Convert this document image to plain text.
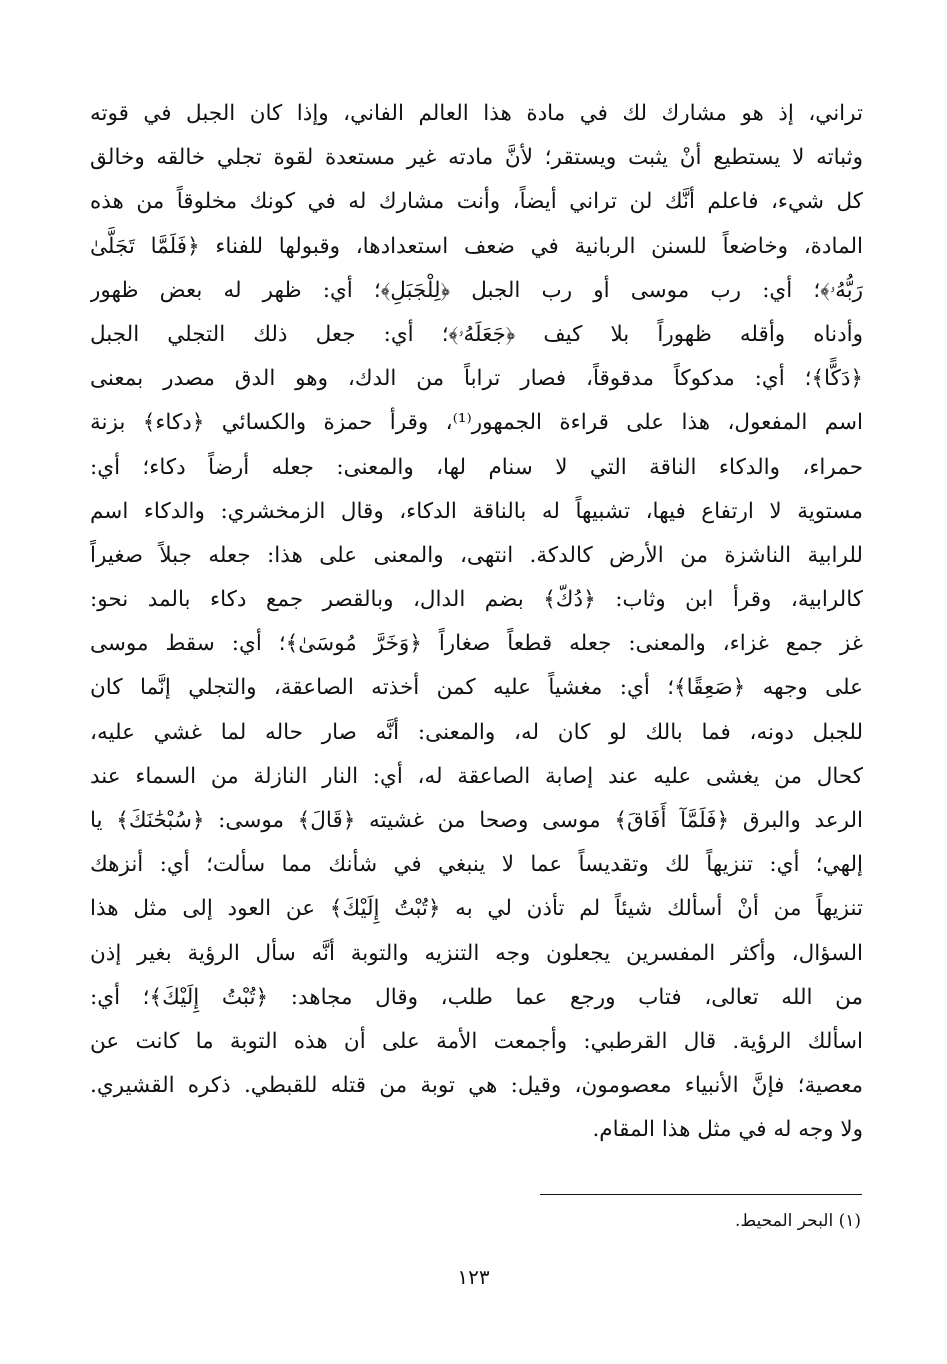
تراني، إذ هو مشارك لك في مادة هذا العالم الفاني، وإذا كان الجبل في قوته
وثباته لا يستطيع أنْ يثبت ويستقر؛ لأنَّ مادته غير مستعدة لقوة تجلي خالقه وخالق
كل شيء، فاعلم أنَّك لن تراني أيضاً، وأنت مشارك له في كونك مخلوقاً من هذه
المادة، وخاضعاً للسنن الربانية في ضعف استعدادها، وقبولها للفناء ﴿فَلَمَّا تَجَلَّىٰ
رَبُّهُۥ﴾؛ أي: رب موسى أو رب الجبل ﴿لِلْجَبَلِ﴾؛ أي: ظهر له بعض ظهور
وأدناه وأقله ظهوراً بلا كيف ﴿جَعَلَهُۥ﴾؛ أي: جعل ذلك التجلي الجبل
﴿دَكًّا﴾؛ أي: مدكوكاً مدقوقاً، فصار تراباً من الدك، وهو الدق مصدر بمعنى
اسم المفعول، هذا على قراءة الجمهور⁽¹⁾، وقرأ حمزة والكسائي ﴿دكاء﴾ بزنة
حمراء، والدكاء الناقة التي لا سنام لها، والمعنى: جعله أرضاً دكاء؛ أي:
مستوية لا ارتفاع فيها، تشبيهاً له بالناقة الدكاء، وقال الزمخشري: والدكاء اسم
للرابية الناشزة من الأرض كالدكة. انتهى، والمعنى على هذا: جعله جبلاً صغيراً
كالرابية، وقرأ ابن وثاب: ﴿دُكّ﴾ بضم الدال، وبالقصر جمع دكاء بالمد نحو:
غز جمع غزاء، والمعنى: جعله قطعاً صغاراً ﴿وَخَرَّ مُوسَىٰ﴾؛ أي: سقط موسى
على وجهه ﴿صَعِقًا﴾؛ أي: مغشياً عليه كمن أخذته الصاعقة، والتجلي إنَّما كان
للجبل دونه، فما بالك لو كان له، والمعنى: أنَّه صار حاله لما غشي عليه،
كحال من يغشى عليه عند إصابة الصاعقة له، أي: النار النازلة من السماء عند
الرعد والبرق ﴿فَلَمَّآ أَفَاقَ﴾ موسى وصحا من غشيته ﴿قَالَ﴾ موسى: ﴿سُبْحَٰنَكَ﴾ يا
إلهي؛ أي: تنزيهاً لك وتقديساً عما لا ينبغي في شأنك مما سألت؛ أي: أنزهك
تنزيهاً من أنْ أسألك شيئاً لم تأذن لي به ﴿تُبْتُ إِلَيْكَ﴾ عن العود إلى مثل هذا
السؤال، وأكثر المفسرين يجعلون وجه التنزيه والتوبة أنَّه سأل الرؤية بغير إذن
من الله تعالى، فتاب ورجع عما طلب، وقال مجاهد: ﴿تُبْتُ إِلَيْكَ﴾؛ أي:
اسألك الرؤية. قال القرطبي: وأجمعت الأمة على أن هذه التوبة ما كانت عن
معصية؛ فإنَّ الأنبياء معصومون، وقيل: هي توبة من قتله للقبطي. ذكره القشيري.
ولا وجه له في مثل هذا المقام.
(١) البحر المحيط.
١٢٣
